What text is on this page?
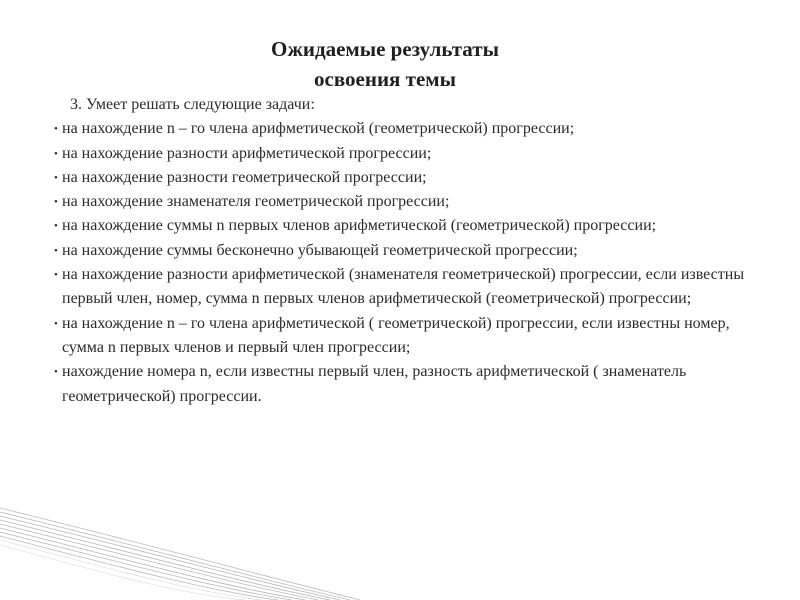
Ожидаемые результаты
освоения темы
3. Умеет решать следующие задачи:
• на нахождение n – го члена арифметической (геометрической) прогрессии;
• на нахождение разности арифметической прогрессии;
• на нахождение разности геометрической прогрессии;
• на нахождение знаменателя геометрической прогрессии;
• на нахождение суммы n первых членов арифметической (геометрической) прогрессии;
• на нахождение суммы бесконечно убывающей геометрической прогрессии;
• на нахождение разности арифметической (знаменателя геометрической) прогрессии, если известны первый член, номер, сумма n первых членов арифметической (геометрической) прогрессии;
• на нахождение n – го члена арифметической ( геометрической) прогрессии, если известны номер, сумма n первых членов и первый член прогрессии;
• нахождение номера n, если известны первый член, разность арифметической ( знаменатель геометрической) прогрессии.
